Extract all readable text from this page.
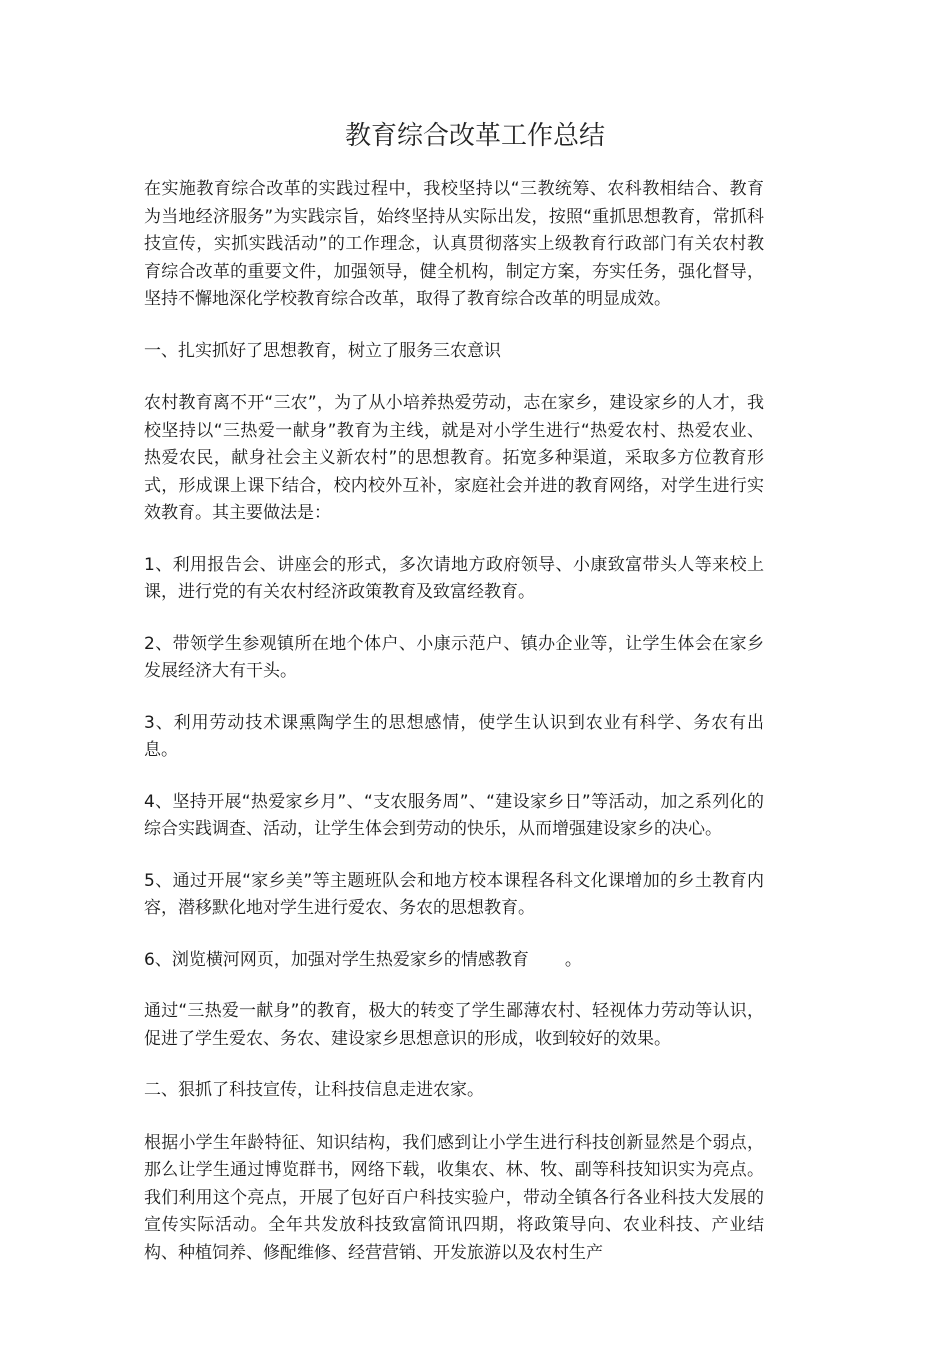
教育综合改革工作总结

在实施教育综合改革的实践过程中，我校坚持以“三教统筹、农科教相结合、教育为当地经济服务”为实践宗旨，始终坚持从实际出发，按照“重抓思想教育，常抓科技宣传，实抓实践活动”的工作理念，认真贯彻落实上级教育行政部门有关农村教育综合改革的重要文件，加强领导，健全机构，制定方案，夯实任务，强化督导，坚持不懈地深化学校教育综合改革，取得了教育综合改革的明显成效。

一、扎实抓好了思想教育，树立了服务三农意识

农村教育离不开“三农”，为了从小培养热爱劳动，志在家乡，建设家乡的人才，我校坚持以“三热爱一献身”教育为主线，就是对小学生进行“热爱农村、热爱农业、热爱农民，献身社会主义新农村”的思想教育。拓宽多种渠道，采取多方位教育形式，形成课上课下结合，校内校外互补，家庭社会并进的教育网络，对学生进行实效教育。其主要做法是：

1、利用报告会、讲座会的形式，多次请地方政府领导、小康致富带头人等来校上课，进行党的有关农村经济政策教育及致富经教育。

2、带领学生参观镇所在地个体户、小康示范户、镇办企业等，让学生体会在家乡发展经济大有干头。

3、利用劳动技术课熏陶学生的思想感情，使学生认识到农业有科学、务农有出息。

4、坚持开展“热爱家乡月”、“支农服务周”、“建设家乡日”等活动，加之系列化的综合实践调查、活动，让学生体会到劳动的快乐，从而增强建设家乡的决心。

5、通过开展“家乡美”等主题班队会和地方校本课程各科文化课增加的乡土教育内容，潜移默化地对学生进行爱农、务农的思想教育。

6、浏览横河网页，加强对学生热爱家乡的情感教育 。

通过“三热爱一献身”的教育，极大的转变了学生鄙薄农村、轻视体力劳动等认识，促进了学生爱农、务农、建设家乡思想意识的形成，收到较好的效果。

二、狠抓了科技宣传，让科技信息走进农家。

根据小学生年龄特征、知识结构，我们感到让小学生进行科技创新显然是个弱点，那么让学生通过博览群书，网络下载，收集农、林、牧、副等科技知识实为亮点。我们利用这个亮点，开展了包好百户科技实验户，带动全镇各行各业科技大发展的宣传实际活动。全年共发放科技致富简讯四期，将政策导向、农业科技、产业结构、种植饲养、修配维修、经营营销、开发旅游以及农村生产
